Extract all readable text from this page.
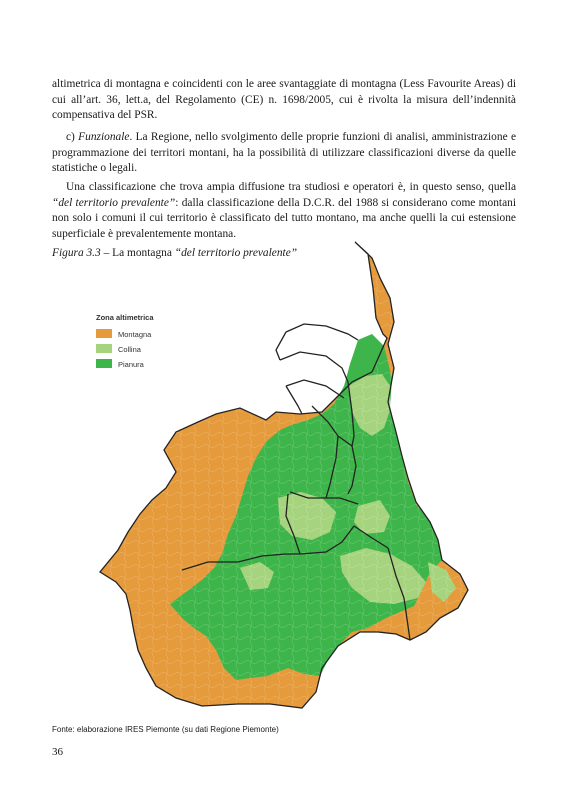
altimetrica di montagna e coincidenti con le aree svantaggiate di montagna (Less Favourite Areas) di cui all’art. 36, lett.a, del Regolamento (CE) n. 1698/2005, cui è rivolta la misura dell’indennità compensativa del PSR.

c) Funzionale. La Regione, nello svolgimento delle proprie funzioni di analisi, amministrazione e programmazione dei territori montani, ha la possibilità di utilizzare classificazioni diverse da quelle statistiche o legali.

Una classificazione che trova ampia diffusione tra studiosi e operatori è, in questo senso, quella “del territorio prevalente”: dalla classificazione della D.C.R. del 1988 si considerano come montani non solo i comuni il cui territorio è classificato del tutto montano, ma anche quelli la cui estensione superficiale è prevalentemente montana.

Figura 3.3 – La montagna “del territorio prevalente”

Zona altimetrica
Montagna
Collina
Pianura

Fonte: elaborazione IRES Piemonte (su dati Regione Piemonte)

36
